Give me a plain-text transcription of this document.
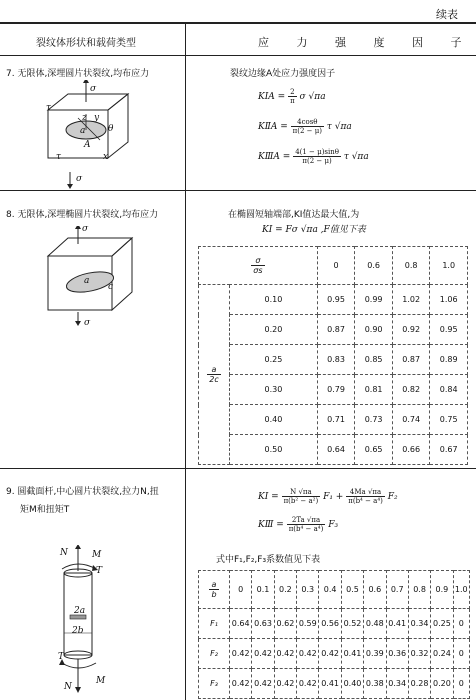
续表
裂纹体形状和载荷类型	应 力 强 度 因 子
7. 无限体,深埋圆片状裂纹,均布应力
σ
τ
z y
a	θ
A
x
τ
σ
裂纹边缘A处应力强度因子
KⅠA = $\frac{2}{\pi}$ σ √πa
KⅡA = $\frac{4\cos\theta}{\pi(2 - \mu)}$ τ √πa
KⅢA = $\frac{4(1 - \mu)\sin\theta}{\pi(2 - \mu)}$ τ √πa
8. 无限体,深埋椭圆片状裂纹,均布应力
σ
a
c
σ
在椭圆短轴端部,KⅠ值达最大值,为
KⅠ = Fσ √πa ,F值见下表
$\frac{\sigma}{\sigma s}$		0	0.6	0.8	1.0

$\frac{a}{2c}$	0.10	0.95	0.99	1.02	1.06
	0.20	0.87	0.90	0.92	0.95
	0.25	0.83	0.85	0.87	0.89
	0.30	0.79	0.81	0.82	0.84
	0.40	0.71	0.73	0.74	0.75
	0.50	0.64	0.65	0.66	0.67
9. 圆截面杆,中心圆片状裂纹,拉力N,扭
矩M和扭矩T
N	M
T
2a
2b
T
N
M
KⅠ = $\frac{N √\pi a}{\text{π(b² − a²)}} F_1 + \frac{4Ma √\pi a}{\text{π(b⁴ − a⁴)}} F_2$
KⅢ = $\frac{2Ta √\pi a}{\text{π(b⁴ − a⁴)}} F_3$
式中F₁,F₂,F₃系数值见下表
$\frac{a}{b}$	0	0.1	0.2	0.3	0.4	0.5	0.6	0.7	0.8	0.9	1.0
F₁	0.64	0.63	0.62	0.59	0.56	0.52	0.48	0.41	0.34	0.25	0
F₂	0.42	0.42	0.42	0.42	0.42	0.41	0.39	0.36	0.32	0.24	0
F₃	0.42	0.42	0.42	0.42	0.41	0.40	0.38	0.34	0.28	0.20	0
